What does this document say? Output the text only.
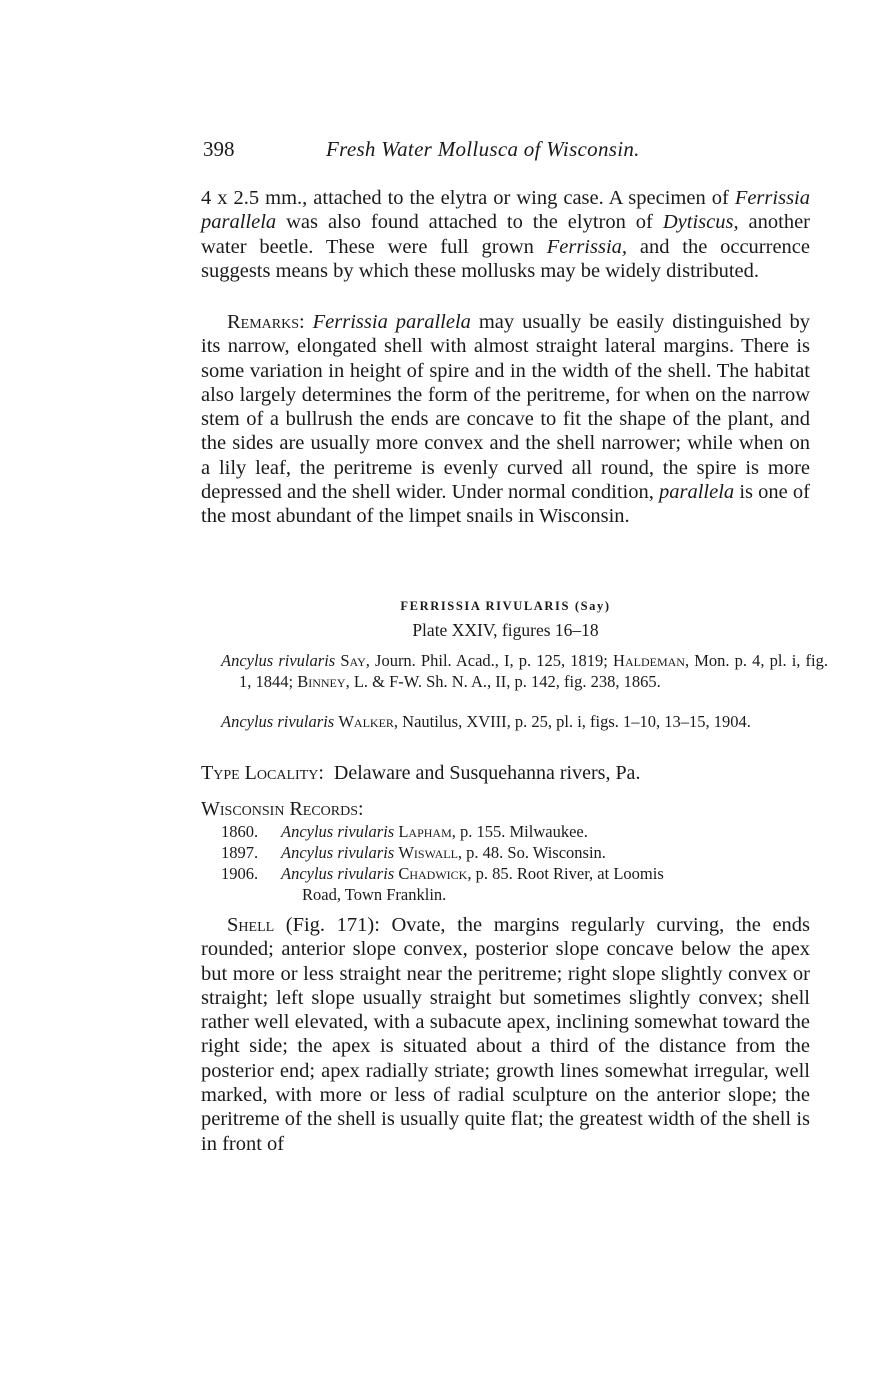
398	Fresh Water Mollusca of Wisconsin.
4 x 2.5 mm., attached to the elytra or wing case. A specimen of Ferrissia parallela was also found attached to the elytron of Dytiscus, another water beetle. These were full grown Ferrissia, and the occurrence suggests means by which these mollusks may be widely distributed.
Remarks: Ferrissia parallela may usually be easily distinguished by its narrow, elongated shell with almost straight lateral margins. There is some variation in height of spire and in the width of the shell. The habitat also largely determines the form of the peritreme, for when on the narrow stem of a bullrush the ends are concave to fit the shape of the plant, and the sides are usually more convex and the shell narrower; while when on a lily leaf, the peritreme is evenly curved all round, the spire is more depressed and the shell wider. Under normal condition, parallela is one of the most abundant of the limpet snails in Wisconsin.
FERRISSIA RIVULARIS (Say)
Plate XXIV, figures 16–18
Ancylus rivularis Say, Journ. Phil. Acad., I, p. 125, 1819; Haldeman, Mon. p. 4, pl. i, fig. 1, 1844; Binney, L. & F-W. Sh. N. A., II, p. 142, fig. 238, 1865.
Ancylus rivularis Walker, Nautilus, XVIII, p. 25, pl. i, figs. 1–10, 13–15, 1904.
Type Locality: Delaware and Susquehanna rivers, Pa.
Wisconsin Records:
1860. Ancylus rivularis Lapham, p. 155. Milwaukee.
1897. Ancylus rivularis Wiswall, p. 48. So. Wisconsin.
1906. Ancylus rivularis Chadwick, p. 85. Root River, at Loomis
Road, Town Franklin.
Shell (Fig. 171): Ovate, the margins regularly curving, the ends rounded; anterior slope convex, posterior slope concave below the apex but more or less straight near the peritreme; right slope slightly convex or straight; left slope usually straight but sometimes slightly convex; shell rather well elevated, with a subacute apex, inclining somewhat toward the right side; the apex is situated about a third of the distance from the posterior end; apex radially striate; growth lines somewhat irregular, well marked, with more or less of radial sculpture on the anterior slope; the peritreme of the shell is usually quite flat; the greatest width of the shell is in front of
